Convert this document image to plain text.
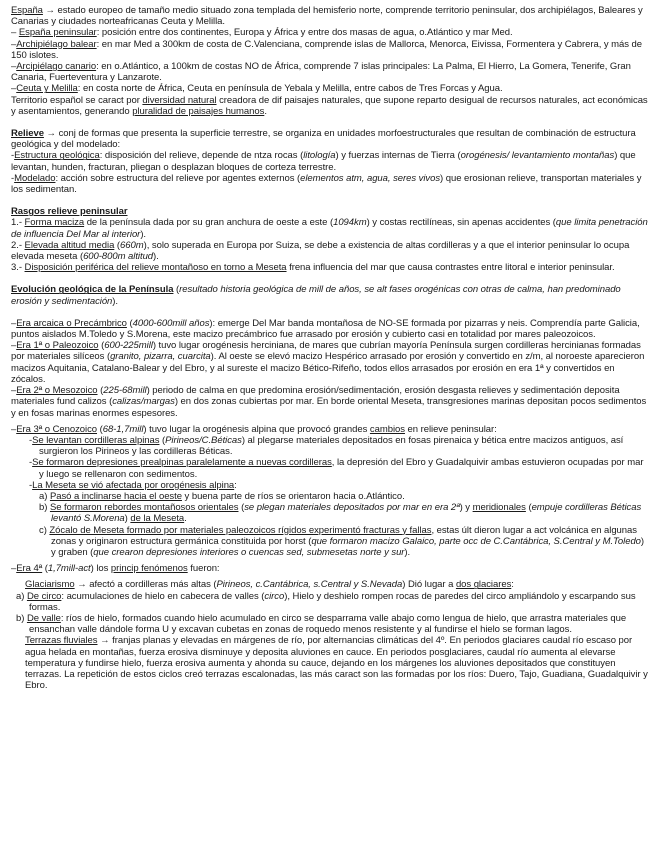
España → estado europeo de tamaño medio situado zona templada del hemisferio norte, comprende territorio peninsular, dos archipiélagos, Baleares y Canarias y ciudades norteafricanas Ceuta y Melilla.

– España peninsular: posición entre dos continentes, Europa y África y entre dos masas de agua, o.Atlántico y mar Med.

–Archipiélago balear: en mar Med a 300km de costa de C.Valenciana, comprende islas de Mallorca, Menorca, Eivissa, Formentera y Cabrera, y más de 150 islotes.

–Arcipiélago canario: en o.Atlántico, a 100km de costas NO de África, comprende 7 islas principales: La Palma, El Hierro, La Gomera, Tenerife, Gran Canaria, Fuerteventura y Lanzarote.

–Ceuta y Melilla: en costa norte de África, Ceuta en península de Yebala y Melilla, entre cabos de Tres Forcas y Agua.

Territorio español se caract por diversidad natural creadora de dif paisajes naturales, que supone reparto desigual de recursos naturales, act económicas y asentamientos, generando pluralidad de paisajes humanos.

Relieve → conj de formas que presenta la superficie terrestre, se organiza en unidades morfoestructurales que resultan de combinación de estructura geológica y del modelado:

-Estructura geológica: disposición del relieve, depende de ntza rocas (litología) y fuerzas internas de Tierra (orogénesis/ levantamiento montañas) que levantan, hunden, fracturan, pliegan o desplazan bloques de corteza terrestre.

-Modelado: acción sobre estructura del relieve por agentes externos (elementos atm, agua, seres vivos) que erosionan relieve, transportan materiales y los sedimentan.

Rasgos relieve peninsular

1.- Forma maciza de la península dada por su gran anchura de oeste a este (1094km) y costas rectilíneas, sin apenas accidentes (que limita penetración de influencia Del Mar al interior).

2.- Elevada altitud media (660m), solo superada en Europa por Suiza, se debe a existencia de altas cordilleras y a que el interior peninsular lo ocupa elevada meseta (600-800m altitud).

3.- Disposición periférica del relieve montañoso en torno a Meseta frena influencia del mar que causa contrastes entre litoral e interior peninsular.

Evolución geológica de la Península (resultado historia geológica de mill de años, se alt fases orogénicas con otras de calma, han predominado erosión y sedimentación).

–Era arcaica o Precámbrico (4000-600mill años): emerge Del Mar banda montañosa de NO-SE formada por pizarras y neis. Comprendía parte Galicia, puntos aislados M.Toledo y S.Morena, este macizo precámbrico fue arrasado por erosión y cubierto casi en totalidad por mares paleozoicos.

–Era 1ª o Paleozoico (600-225mill) tuvo lugar orogénesis herciniana, de mares que cubrían mayoría Península surgen cordilleras hercinianas formadas por materiales silíceos (granito, pizarra, cuarcita). Al oeste se elevó macizo Hespérico arrasado por erosión y convertido en z/m, al noroeste aparecieron macizos Aquitania, Catalano-Balear y del Ebro, y al sureste el macizo Bético-Rifeño, todos ellos arrasados por erosión en era 1ª y convertidos en zócalos.

–Era 2ª o Mesozoico (225-68mill) periodo de calma en que predomina erosión/sedimentación, erosión desgasta relieves y sedimentación deposita materiales fund calizos (calizas/margas) en dos zonas cubiertas por mar. En borde oriental Meseta, transgresiones marinas depositan pocos sedimentos y en fosas marinas enormes espesores.

–Era 3ª o Cenozoico (68-1,7mill) tuvo lugar la orogénesis alpina que provocó grandes cambios en relieve peninsular:

-Se levantan cordilleras alpinas (Pirineos/C.Béticas) al plegarse materiales depositados en fosas pirenaica y bética entre macizos antiguos, así surgieron los Pirineos y las cordilleras Béticas.

-Se formaron depresiones prealpinas paralelamente a nuevas cordilleras, la depresión del Ebro y Guadalquivir ambas estuvieron ocupadas por mar y luego se rellenaron con sedimentos.

-La Meseta se vió afectada por orogénesis alpina:

a) Pasó a inclinarse hacia el oeste y buena parte de ríos se orientaron hacia o.Atlántico.

b) Se formaron rebordes montañosos orientales (se plegan materiales depositados por mar en era 2ª) y meridionales (empuje cordilleras Béticas levantó S.Morena) de la Meseta.

c) Zócalo de Meseta formado por materiales paleozoicos rígidos experimentó fracturas y fallas, estas últ dieron lugar a act volcánica en algunas zonas y originaron estructura germánica constituida por horst (que formaron macizo Galaico, parte occ de C.Cantábrica, S.Central y M.Toledo) y graben (que crearon depresiones interiores o cuencas sed, submesetas norte y sur).

–Era 4ª (1,7mill-act) los princip fenómenos fueron:

Glaciarismo → afectó a cordilleras más altas (Pirineos, c.Cantábrica, s.Central y S.Nevada) Dió lugar a dos glaciares:

a) De circo: acumulaciones de hielo en cabecera de valles (circo), Hielo y deshielo rompen rocas de paredes del circo ampliándolo y escarpando sus formas.

b) De valle: ríos de hielo, formados cuando hielo acumulado en circo se desparrama valle abajo como lengua de hielo, que arrastra materiales que ensanchan valle dándole forma U y excavan cubetas en zonas de roquedo menos resistente y al fundirse el hielo se forman lagos.

Terrazas fluviales → franjas planas y elevadas en márgenes de río, por alternancias climáticas del 4º. En periodos glaciares caudal río escaso por agua helada en montañas, fuerza erosiva disminuye y deposita aluviones en cauce. En periodos posglaciares, caudal río aumenta al elevarse temperatura y fundirse hielo, fuerza erosiva aumenta y ahonda su cauce, dejando en los márgenes los aluviones depositados que constituyen terrazas. La repetición de estos ciclos creó terrazas escalonadas, las más caract son las formadas por los ríos: Duero, Tajo, Guadiana, Guadalquivir y Ebro.
